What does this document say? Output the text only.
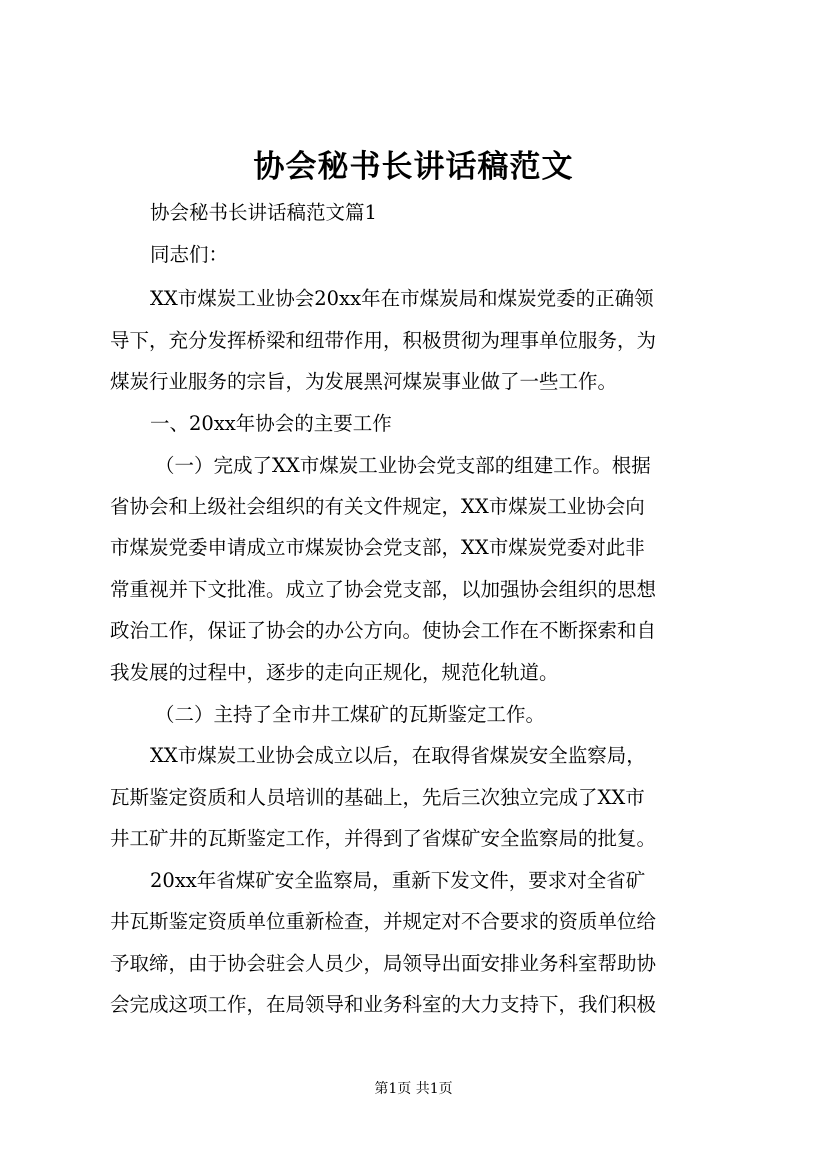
协会秘书长讲话稿范文
协会秘书长讲话稿范文篇1
同志们：
XX市煤炭工业协会20xx年在市煤炭局和煤炭党委的正确领
导下，充分发挥桥梁和纽带作用，积极贯彻为理事单位服务，为
煤炭行业服务的宗旨，为发展黑河煤炭事业做了一些工作。
一、20xx年协会的主要工作
（一）完成了XX市煤炭工业协会党支部的组建工作。根据
省协会和上级社会组织的有关文件规定，XX市煤炭工业协会向
市煤炭党委申请成立市煤炭协会党支部，XX市煤炭党委对此非
常重视并下文批准。成立了协会党支部，以加强协会组织的思想
政治工作，保证了协会的办公方向。使协会工作在不断探索和自
我发展的过程中，逐步的走向正规化，规范化轨道。
（二）主持了全市井工煤矿的瓦斯鉴定工作。
XX市煤炭工业协会成立以后，在取得省煤炭安全监察局，
瓦斯鉴定资质和人员培训的基础上，先后三次独立完成了XX市
井工矿井的瓦斯鉴定工作，并得到了省煤矿安全监察局的批复。
20xx年省煤矿安全监察局，重新下发文件，要求对全省矿
井瓦斯鉴定资质单位重新检查，并规定对不合要求的资质单位给
予取缔，由于协会驻会人员少，局领导出面安排业务科室帮助协
会完成这项工作，在局领导和业务科室的大力支持下，我们积极
第1页 共1页
